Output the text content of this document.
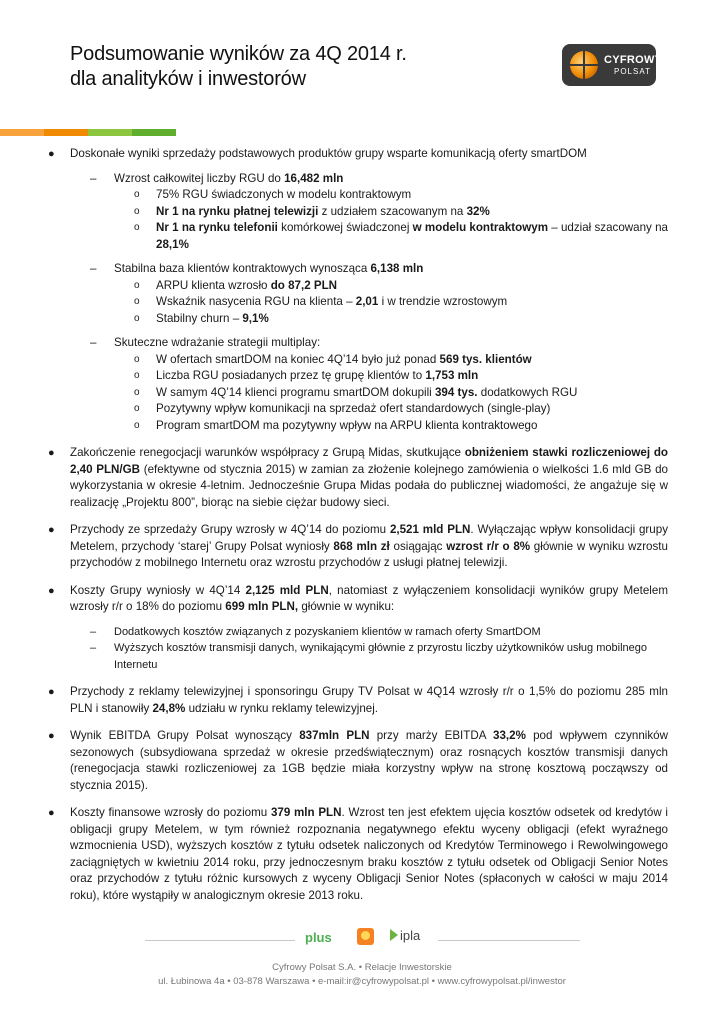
Podsumowanie wyników za 4Q 2014 r.
dla analityków i inwestorów
CYFROWY
POLSAT
● Doskonałe wyniki sprzedaży podstawowych produktów grupy wsparte komunikacją oferty smartDOM
– Wzrost całkowitej liczby RGU do 16,482 mln
o 75% RGU świadczonych w modelu kontraktowym
o Nr 1 na rynku płatnej telewizji z udziałem szacowanym na 32%
o Nr 1 na rynku telefonii komórkowej świadczonej w modelu kontraktowym – udział szacowany na 28,1%
– Stabilna baza klientów kontraktowych wynosząca 6,138 mln
o ARPU klienta wzrosło do 87,2 PLN
o Wskaźnik nasycenia RGU na klienta – 2,01 i w trendzie wzrostowym
o Stabilny churn – 9,1%
– Skuteczne wdrażanie strategii multiplay:
o W ofertach smartDOM na koniec 4Q’14 było już ponad 569 tys. klientów
o Liczba RGU posiadanych przez tę grupę klientów to 1,753 mln
o W samym 4Q’14 klienci programu smartDOM dokupili 394 tys. dodatkowych RGU
o Pozytywny wpływ komunikacji na sprzedaż ofert standardowych (single-play)
o Program smartDOM ma pozytywny wpływ na ARPU klienta kontraktowego
● Zakończenie renegocjacji warunków współpracy z Grupą Midas, skutkujące obniżeniem stawki rozliczeniowej do 2,40 PLN/GB (efektywne od stycznia 2015) w zamian za złożenie kolejnego zamówienia o wielkości 1.6 mld GB do wykorzystania w okresie 4-letnim. Jednocześnie Grupa Midas podała do publicznej wiadomości, że angażuje się w realizację „Projektu 800”, biorąc na siebie ciężar budowy sieci.
● Przychody ze sprzedaży Grupy wzrosły w 4Q’14 do poziomu 2,521 mld PLN. Wyłączając wpływ konsolidacji grupy Metelem, przychody ‘starej’ Grupy Polsat wyniosły 868 mln zł osiągając wzrost r/r o 8% głównie w wyniku wzrostu przychodów z mobilnego Internetu oraz wzrostu przychodów z usługi płatnej telewizji.
● Koszty Grupy wyniosły w 4Q’14 2,125 mld PLN, natomiast z wyłączeniem konsolidacji wyników grupy Metelem wzrosły r/r o 18% do poziomu 699 mln PLN, głównie w wyniku:
– Dodatkowych kosztów związanych z pozyskaniem klientów w ramach oferty SmartDOM
– Wyższych kosztów transmisji danych, wynikającymi głównie z przyrostu liczby użytkowników usług mobilnego Internetu
● Przychody z reklamy telewizyjnej i sponsoringu Grupy TV Polsat w 4Q14 wzrosły r/r o 1,5% do poziomu 285 mln PLN i stanowiły 24,8% udziału w rynku reklamy telewizyjnej.
● Wynik EBITDA Grupy Polsat wynoszący 837mln PLN przy marży EBITDA 33,2% pod wpływem czynników sezonowych (subsydiowana sprzedaż w okresie przedświątecznym) oraz rosnących kosztów transmisji danych (renegocjacja stawki rozliczeniowej za 1GB będzie miała korzystny wpływ na stronę kosztową począwszy od stycznia 2015).
● Koszty finansowe wzrosły do poziomu 379 mln PLN. Wzrost ten jest efektem ujęcia kosztów odsetek od kredytów i obligacji grupy Metelem, w tym również rozpoznania negatywnego efektu wyceny obligacji (efekt wyraźnego wzmocnienia USD), wyższych kosztów z tytułu odsetek naliczonych od Kredytów Terminowego i Rewolwingowego zaciągniętych w kwietniu 2014 roku, przy jednoczesnym braku kosztów z tytułu odsetek od Obligacji Senior Notes oraz przychodów z tytułu różnic kursowych z wyceny Obligacji Senior Notes (spłaconych w całości w maju 2014 roku), które wystąpiły w analogicznym okresie 2013 roku.
plus	ipla
Cyfrowy Polsat S.A. • Relacje Inwestorskie
ul. Łubinowa 4a • 03-878 Warszawa • e-mail:ir@cyfrowypolsat.pl • www.cyfrowypolsat.pl/inwestor
